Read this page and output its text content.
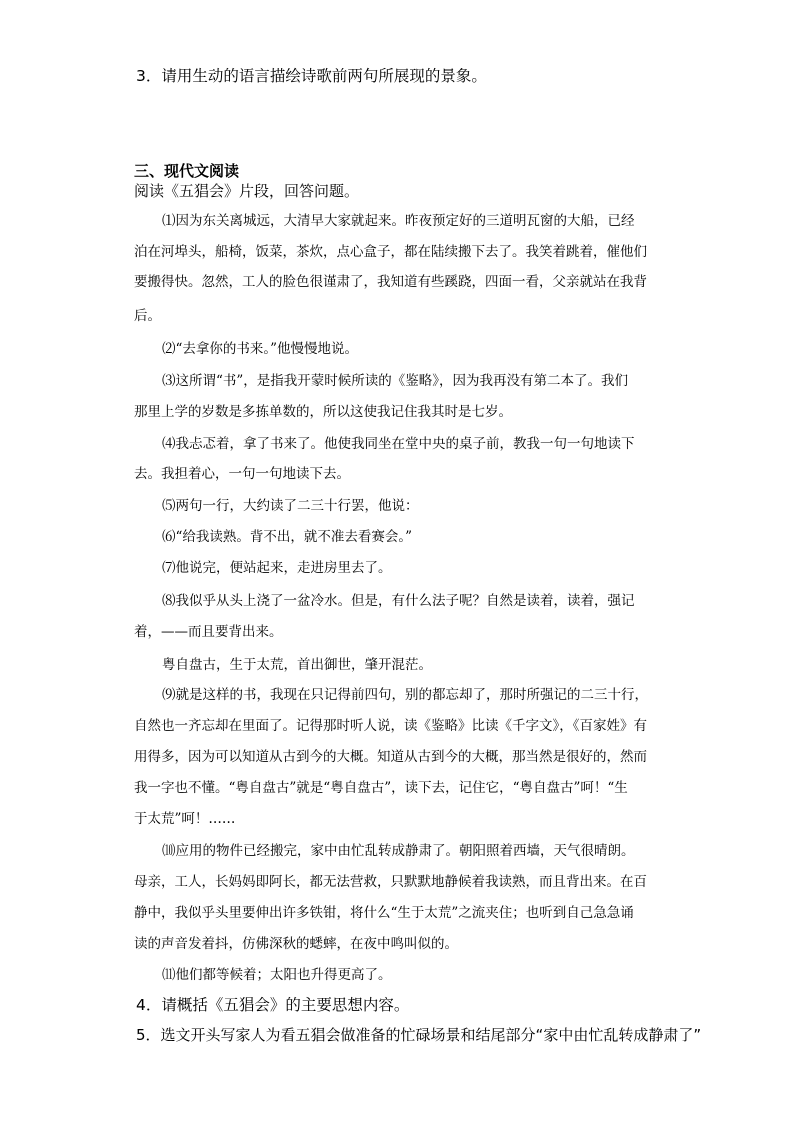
3．请用生动的语言描绘诗歌前两句所展现的景象。
三、现代文阅读
阅读《五猖会》片段，回答问题。
⑴因为东关离城远，大清早大家就起来。昨夜预定好的三道明瓦窗的大船，已经
泊在河埠头，船椅，饭菜，茶炊，点心盒子，都在陆续搬下去了。我笑着跳着，催他们
要搬得快。忽然，工人的脸色很谨肃了，我知道有些蹊跷，四面一看，父亲就站在我背
后。
⑵“去拿你的书来。”他慢慢地说。
⑶这所谓“书”，是指我开蒙时候所读的《鉴略》，因为我再没有第二本了。我们
那里上学的岁数是多拣单数的，所以这使我记住我其时是七岁。
⑷我忐忑着，拿了书来了。他使我同坐在堂中央的桌子前，教我一句一句地读下
去。我担着心，一句一句地读下去。
⑸两句一行，大约读了二三十行罢，他说：
⑹“给我读熟。背不出，就不准去看赛会。”
⑺他说完，便站起来，走进房里去了。
⑻我似乎从头上浇了一盆冷水。但是，有什么法子呢？自然是读着，读着，强记
着，——而且要背出来。
粤自盘古，生于太荒，首出御世，肇开混茫。
⑼就是这样的书，我现在只记得前四句，别的都忘却了，那时所强记的二三十行，
自然也一齐忘却在里面了。记得那时听人说，读《鉴略》比读《千字文》，《百家姓》有
用得多，因为可以知道从古到今的大概。知道从古到今的大概，那当然是很好的，然而
我一字也不懂。“粤自盘古”就是“粤自盘古”，读下去，记住它，“粤自盘古”呵！“生
于太荒”呵！……
⑽应用的物件已经搬完，家中由忙乱转成静肃了。朝阳照着西墙，天气很晴朗。
母亲，工人，长妈妈即阿长，都无法营救，只默默地静候着我读熟，而且背出来。在百
静中，我似乎头里要伸出许多铁钳，将什么“生于太荒”之流夹住；也听到自己急急诵
读的声音发着抖，仿佛深秋的蟋蟀，在夜中鸣叫似的。
⑾他们都等候着；太阳也升得更高了。
4．请概括《五猖会》的主要思想内容。
5．选文开头写家人为看五猖会做准备的忙碌场景和结尾部分“家中由忙乱转成静肃了”
